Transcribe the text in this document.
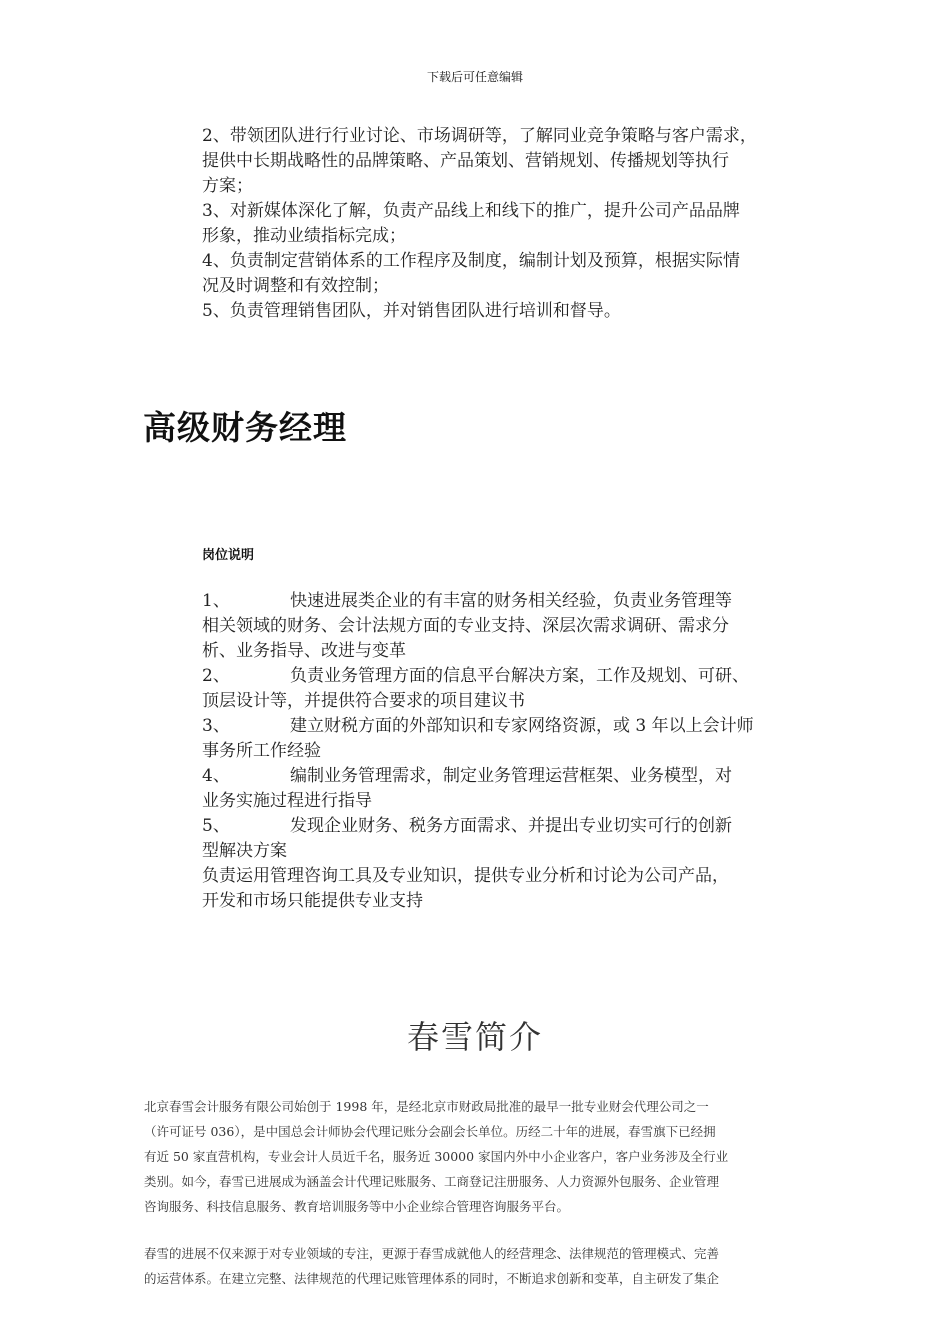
下载后可任意编辑

2、带领团队进行行业讨论、市场调研等，了解同业竞争策略与客户需求，

提供中长期战略性的品牌策略、产品策划、营销规划、传播规划等执行

方案；

3、对新媒体深化了解，负责产品线上和线下的推广，提升公司产品品牌

形象，推动业绩指标完成；

4、负责制定营销体系的工作程序及制度，编制计划及预算，根据实际情

况及时调整和有效控制；

5、负责管理销售团队，并对销售团队进行培训和督导。

高级财务经理
岗位说明

1、	快速进展类企业的有丰富的财务相关经验，负责业务管理等

相关领域的财务、会计法规方面的专业支持、深层次需求调研、需求分

析、业务指导、改进与变革

2、	负责业务管理方面的信息平台解决方案，工作及规划、可研、

顶层设计等，并提供符合要求的项目建议书

3、	建立财税方面的外部知识和专家网络资源，或 3 年以上会计师

事务所工作经验

4、	编制业务管理需求，制定业务管理运营框架、业务模型，对

业务实施过程进行指导

5、	发现企业财务、税务方面需求、并提出专业切实可行的创新

型解决方案

负责运用管理咨询工具及专业知识，提供专业分析和讨论为公司产品，

开发和市场只能提供专业支持

春雪简介

北京春雪会计服务有限公司始创于 1998 年，是经北京市财政局批准的最早一批专业财会代理公司之一

（许可证号 036），是中国总会计师协会代理记账分会副会长单位。历经二十年的进展，春雪旗下已经拥

有近 50 家直营机构，专业会计人员近千名，服务近 30000 家国内外中小企业客户，客户业务涉及全行业

类别。如今，春雪已进展成为涵盖会计代理记账服务、工商登记注册服务、人力资源外包服务、企业管理

咨询服务、科技信息服务、教育培训服务等中小企业综合管理咨询服务平台。

春雪的进展不仅来源于对专业领域的专注，更源于春雪成就他人的经营理念、法律规范的管理模式、完善

的运营体系。在建立完整、法律规范的代理记账管理体系的同时，不断追求创新和变革，自主研发了集企
